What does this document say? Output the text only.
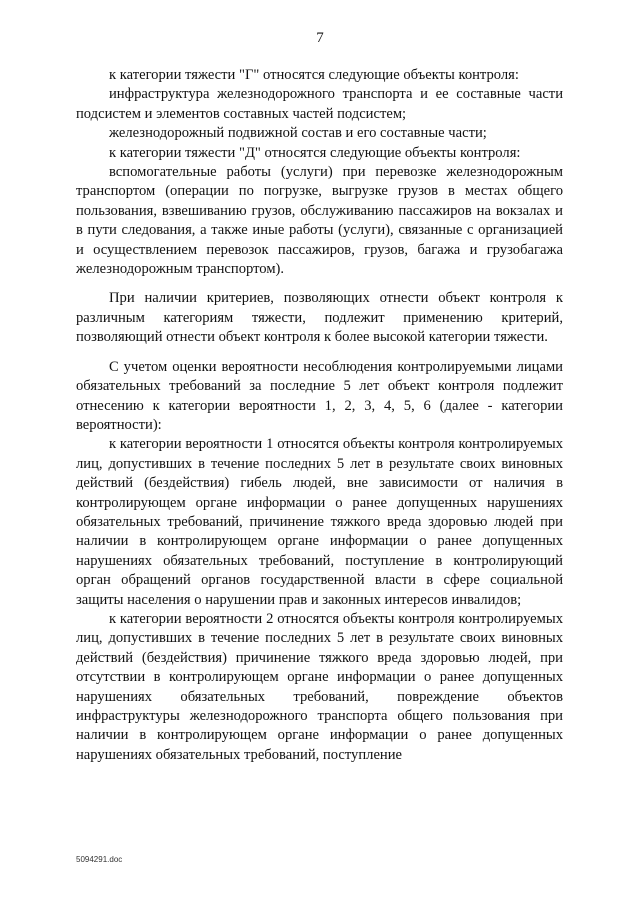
7

к категории тяжести "Г" относятся следующие объекты контроля:

инфраструктура железнодорожного транспорта и ее составные части подсистем и элементов составных частей подсистем;

железнодорожный подвижной состав и его составные части;

к категории тяжести "Д" относятся следующие объекты контроля:

вспомогательные работы (услуги) при перевозке железнодорожным транспортом (операции по погрузке, выгрузке грузов в местах общего пользования, взвешиванию грузов, обслуживанию пассажиров на вокзалах и в пути следования, а также иные работы (услуги), связанные с организацией и осуществлением перевозок пассажиров, грузов, багажа и грузобагажа железнодорожным транспортом).

При наличии критериев, позволяющих отнести объект контроля к различным категориям тяжести, подлежит применению критерий, позволяющий отнести объект контроля к более высокой категории тяжести.

С учетом оценки вероятности несоблюдения контролируемыми лицами обязательных требований за последние 5 лет объект контроля подлежит отнесению к категории вероятности 1, 2, 3, 4, 5, 6 (далее - категории вероятности):

к категории вероятности 1 относятся объекты контроля контролируемых лиц, допустивших в течение последних 5 лет в результате своих виновных действий (бездействия) гибель людей, вне зависимости от наличия в контролирующем органе информации о ранее допущенных нарушениях обязательных требований, причинение тяжкого вреда здоровью людей при наличии в контролирующем органе информации о ранее допущенных нарушениях обязательных требований, поступление в контролирующий орган обращений органов государственной власти в сфере социальной защиты населения о нарушении прав и законных интересов инвалидов;

к категории вероятности 2 относятся объекты контроля контролируемых лиц, допустивших в течение последних 5 лет в результате своих виновных действий (бездействия) причинение тяжкого вреда здоровью людей, при отсутствии в контролирующем органе информации о ранее допущенных нарушениях обязательных требований, повреждение объектов инфраструктуры железнодорожного транспорта общего пользования при наличии в контролирующем органе информации о ранее допущенных нарушениях обязательных требований, поступление

5094291.doc
